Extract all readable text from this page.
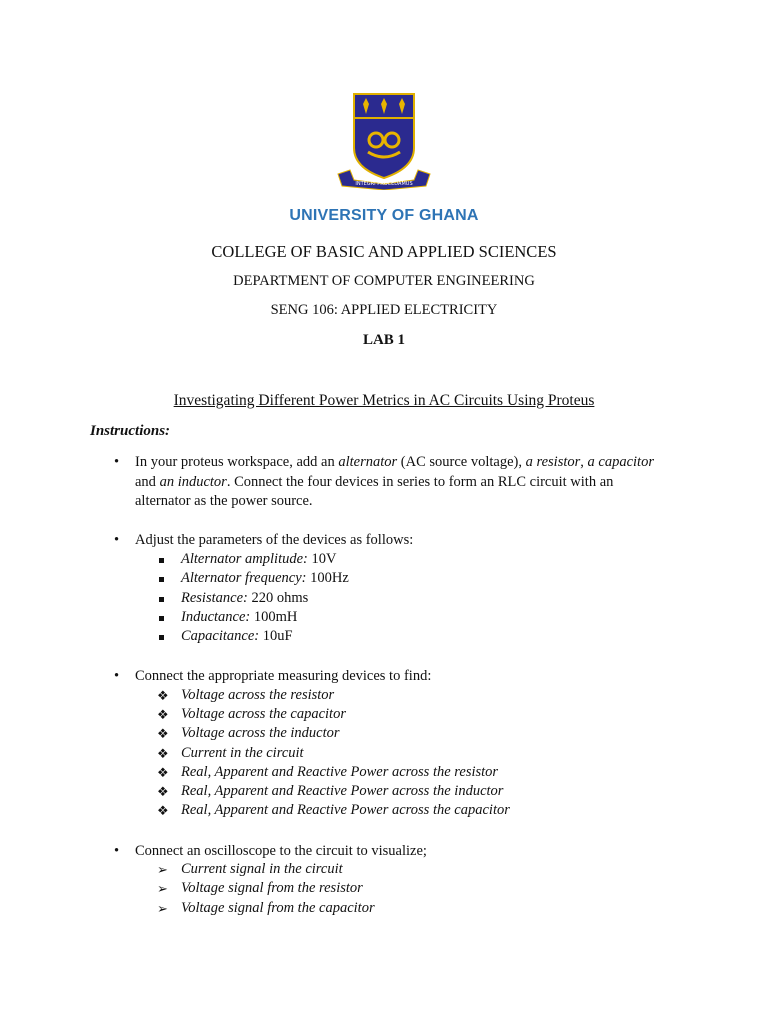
INTEGRI PROCEDAMUS
UNIVERSITY OF GHANA
COLLEGE OF BASIC AND APPLIED SCIENCES
DEPARTMENT OF COMPUTER ENGINEERING
SENG 106: APPLIED ELECTRICITY
LAB 1
Investigating Different Power Metrics in AC Circuits Using Proteus
Instructions:
• In your proteus workspace, add an alternator (AC source voltage), a resistor, a capacitor
and an inductor. Connect the four devices in series to form an RLC circuit with an
alternator as the power source.
• Adjust the parameters of the devices as follows:
Alternator amplitude: 10V
Alternator frequency: 100Hz
Resistance: 220 ohms
Inductance: 100mH
Capacitance: 10uF
• Connect the appropriate measuring devices to find:
❖ Voltage across the resistor
❖ Voltage across the capacitor
❖ Voltage across the inductor
❖ Current in the circuit
❖ Real, Apparent and Reactive Power across the resistor
❖ Real, Apparent and Reactive Power across the inductor
❖ Real, Apparent and Reactive Power across the capacitor
• Connect an oscilloscope to the circuit to visualize;
➢ Current signal in the circuit
➢ Voltage signal from the resistor
➢ Voltage signal from the capacitor
